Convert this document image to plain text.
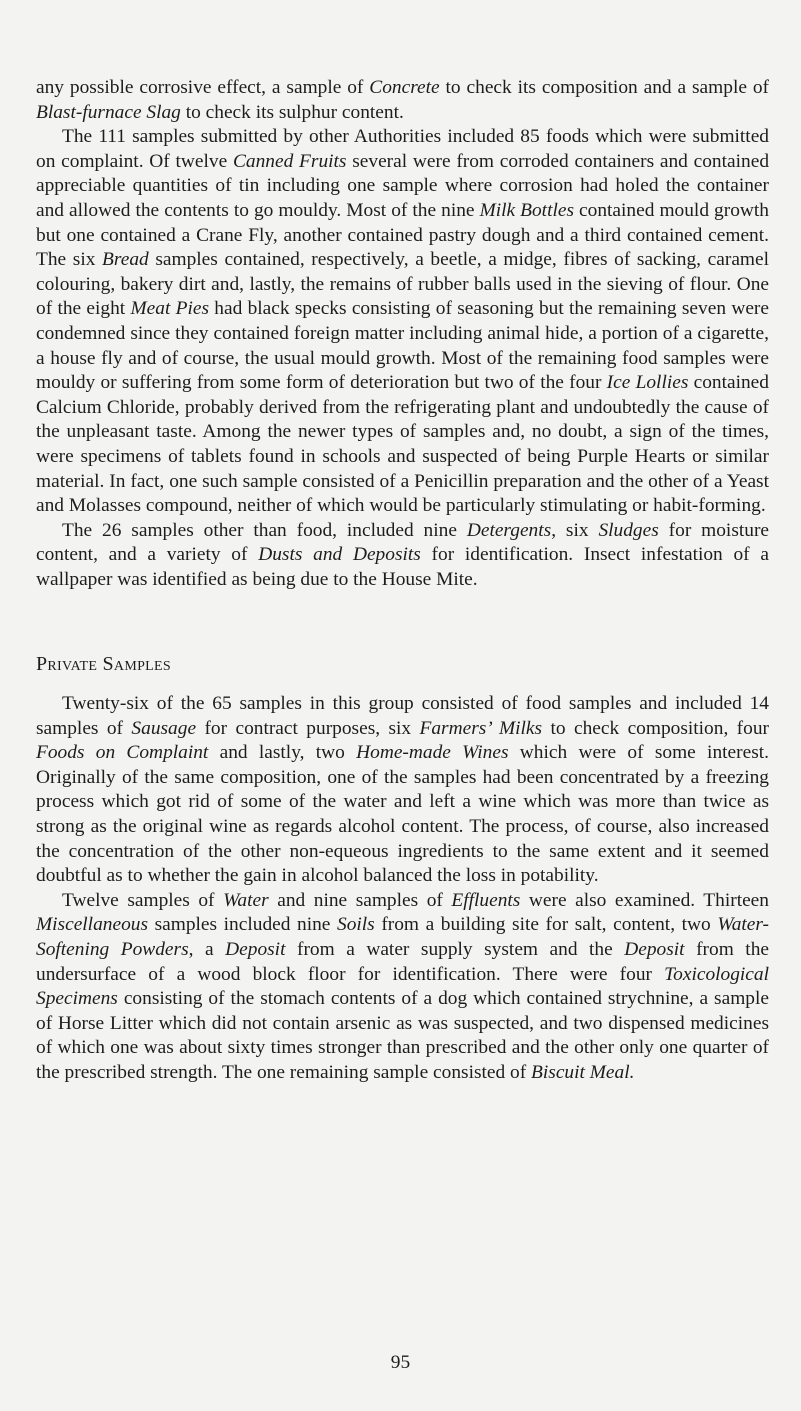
any possible corrosive effect, a sample of Concrete to check its composition and a sample of Blast-furnace Slag to check its sulphur content.

The 111 samples submitted by other Authorities included 85 foods which were submitted on complaint. Of twelve Canned Fruits several were from corroded containers and contained appreciable quantities of tin including one sample where corrosion had holed the container and allowed the contents to go mouldy. Most of the nine Milk Bottles contained mould growth but one contained a Crane Fly, another contained pastry dough and a third contained cement. The six Bread samples contained, respectively, a beetle, a midge, fibres of sacking, caramel colouring, bakery dirt and, lastly, the remains of rubber balls used in the sieving of flour. One of the eight Meat Pies had black specks consisting of seasoning but the remaining seven were condemned since they contained foreign matter including animal hide, a portion of a cigarette, a house fly and of course, the usual mould growth. Most of the remaining food samples were mouldy or suffering from some form of deterioration but two of the four Ice Lollies contained Calcium Chloride, probably derived from the refrigerating plant and undoubtedly the cause of the unpleasant taste. Among the newer types of samples and, no doubt, a sign of the times, were specimens of tablets found in schools and suspected of being Purple Hearts or similar material. In fact, one such sample consisted of a Penicillin preparation and the other of a Yeast and Molasses compound, neither of which would be particularly stimulating or habit-forming.

The 26 samples other than food, included nine Detergents, six Sludges for moisture content, and a variety of Dusts and Deposits for identification. Insect infestation of a wallpaper was identified as being due to the House Mite.

Private Samples

Twenty-six of the 65 samples in this group consisted of food samples and included 14 samples of Sausage for contract purposes, six Farmers’ Milks to check composition, four Foods on Complaint and lastly, two Home-made Wines which were of some interest. Originally of the same composition, one of the samples had been concentrated by a freezing process which got rid of some of the water and left a wine which was more than twice as strong as the original wine as regards alcohol content. The process, of course, also increased the concentration of the other non-equeous ingredients to the same extent and it seemed doubtful as to whether the gain in alcohol balanced the loss in potability.

Twelve samples of Water and nine samples of Effluents were also examined. Thirteen Miscellaneous samples included nine Soils from a building site for salt, content, two Water-Softening Powders, a Deposit from a water supply system and the Deposit from the undersurface of a wood block floor for identification. There were four Toxicological Specimens consisting of the stomach contents of a dog which contained strychnine, a sample of Horse Litter which did not contain arsenic as was suspected, and two dispensed medicines of which one was about sixty times stronger than prescribed and the other only one quarter of the prescribed strength. The one remaining sample consisted of Biscuit Meal.

95
